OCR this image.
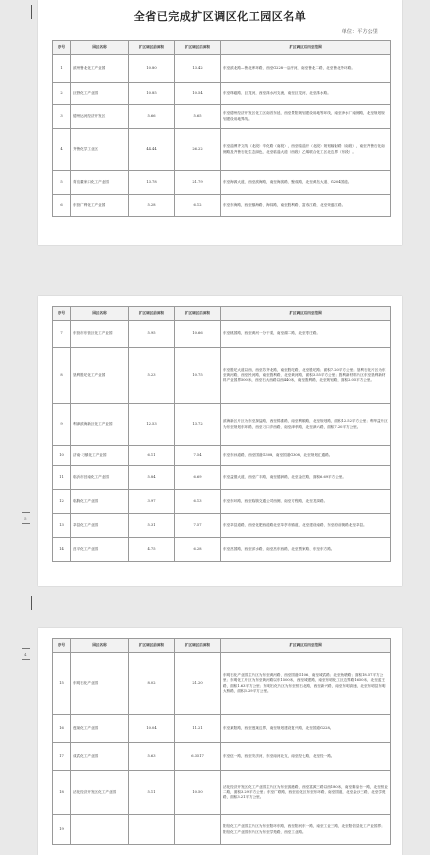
全省已完成扩区调区化工园区名单
单位：平方公里
序号	园区名称	扩区调区前面积	扩区调区后面积	扩区调区后四至范围
1	滨州鲁北化工产业园	10.80	13.42	东至滨北路—鲁北库环路，西至G228一沿疗河，南至鲁北二路，北至鲁北外环路。
2	巨野化工产业园	10.85	10.54	东至珠磁路、巨龙河，西至洙水河支流，南至巨龙河，北至洙水路。
3	德州运河经济开发区	5.66	5.65	东至德州经济开发区化工区南首东延，西至景阳规划建设用地等环线，南至净水厂南侧路，北至规划规划建设用地界线。
4	齐鲁化学工业区	44.44	26.22	东至淄博齐文线（北段）辛化路（南段），西至临淄开（北段）规划辐射路（南段），南至齐鲁石化南侧路及齐鲁石化生态绿色，北至临淄大道（西段）乙烯联合化工区北边界（东段）。
5	青岛董家口化工产业园	13.78	21.79	东至海源大道，西至滨海路，南至海滨路、聚成路，北至黄岛大道、G204国道。
6	东营广利化工产业园	5.28	6.12	东至东海路，西至镇海路、海纬路，南至胜利路、富寿江路，北至荣盛江路。
序号	园区名称	扩区调区前面积	扩区调区后面积	扩区调区后四至范围
7	东营市东营区化工产业园	5.95	10.66	东至桃园路，西至黄河一分干渠，南至湖二路，北至枣庄路。
8	垦利胜坨化工产业园	5.23	10.75	东至胜坨大道以西，西至苏齐北路，南至胜坨路，北至胜坨路；面积7.20平方公里；垦利石化片区为东至黄河路，西至民河路，南至胜利路，北至黄河路，面积3.55平方公里；胜利新材料片区东至垦利新材料产业园界500米，西至石大西路以西440米，南至胜利路，北至规划路，面积2.05平方公里。
9	利津滨海新区化工产业园	12.53	13.72	滨海新区片区为东至探盐路，西至锦淮路，南至利顺路，北至规划路，面积12.52平方公里；利华益片区为东至规划东环路，西至刁口乡西路，南至津孝路，北至津六路，面积7.20平方公里。
10	济南·刁镇化工产业园	6.11	7.54	东至东孙道路，西至国道G308，南至国道G308，北至规划汇通路。
11	临沂市莒南化工产业园	5.84	6.69	东至益德大道，西至广丰路，南至德润路，北至金庄路，面积6.69平方公里。
12	临朐化工产业园	3.97	6.13	东至东环路，西至临朐交通公司西侧，南至方程路，北至龙岗路。
13	莘县化工产业园	5.31	7.57	东至莘县道路，西至化肥西道路北至莘亭市镇道，北至建设南路、东至府前街路北至莘县。
14	莒平化工产业园	4.75	6.28	东至莒国路，西至沭水路，南至莒东西路，北至贾家路、东至东方路。
序号	园区名称	扩区调区前面积	扩区调区后面积	扩区调区后四至范围
15	东明石化产业园	8.02	21.20	东明石化产业园主片区为东至黄河路、西至国道G106、南至城武路；北至鱼塘路；面积18.57平方公里；东明化工片区为东至黄河路以东1500米，西至城建路，南至东明化工区边界路1650米，北至蓝王路，面积1.63平方公里；东明石化片区为东至恒石北路，西至新兴路，南至东明高速，北至东明县东明大桥路，面积3.29平方公里。
16	莲莱化工产业园	10.04	11.21	东至莱阳路，西至莲莱边界，南至规划建设复兴路，北至国道G228。
17	成武化工产业园	5.63	6.3517	东至伍一路，西至安济河，东至南河北支，南至经七路，北至经一路。
18	沾化经济开发区化工产业园	5.11	10.50	沾化经济开发区化工产业园主片区为东至滨港路，西至富源三路以西180米，南至秦皇台一路，北至恒业二路，面积3.29平方公里；东至广联路，西至沾化区东至东环路，南至国道，北至金沙三路，北至学苑路，面积3.21平方公里。
19				阳信化工产业园主片区为东至阳环东路，西至阳河东一路，南至工业三路，北至阳信县化工产业园界；阳信化工产业园东片区为东至学苑路，西至工业路。
5
4
